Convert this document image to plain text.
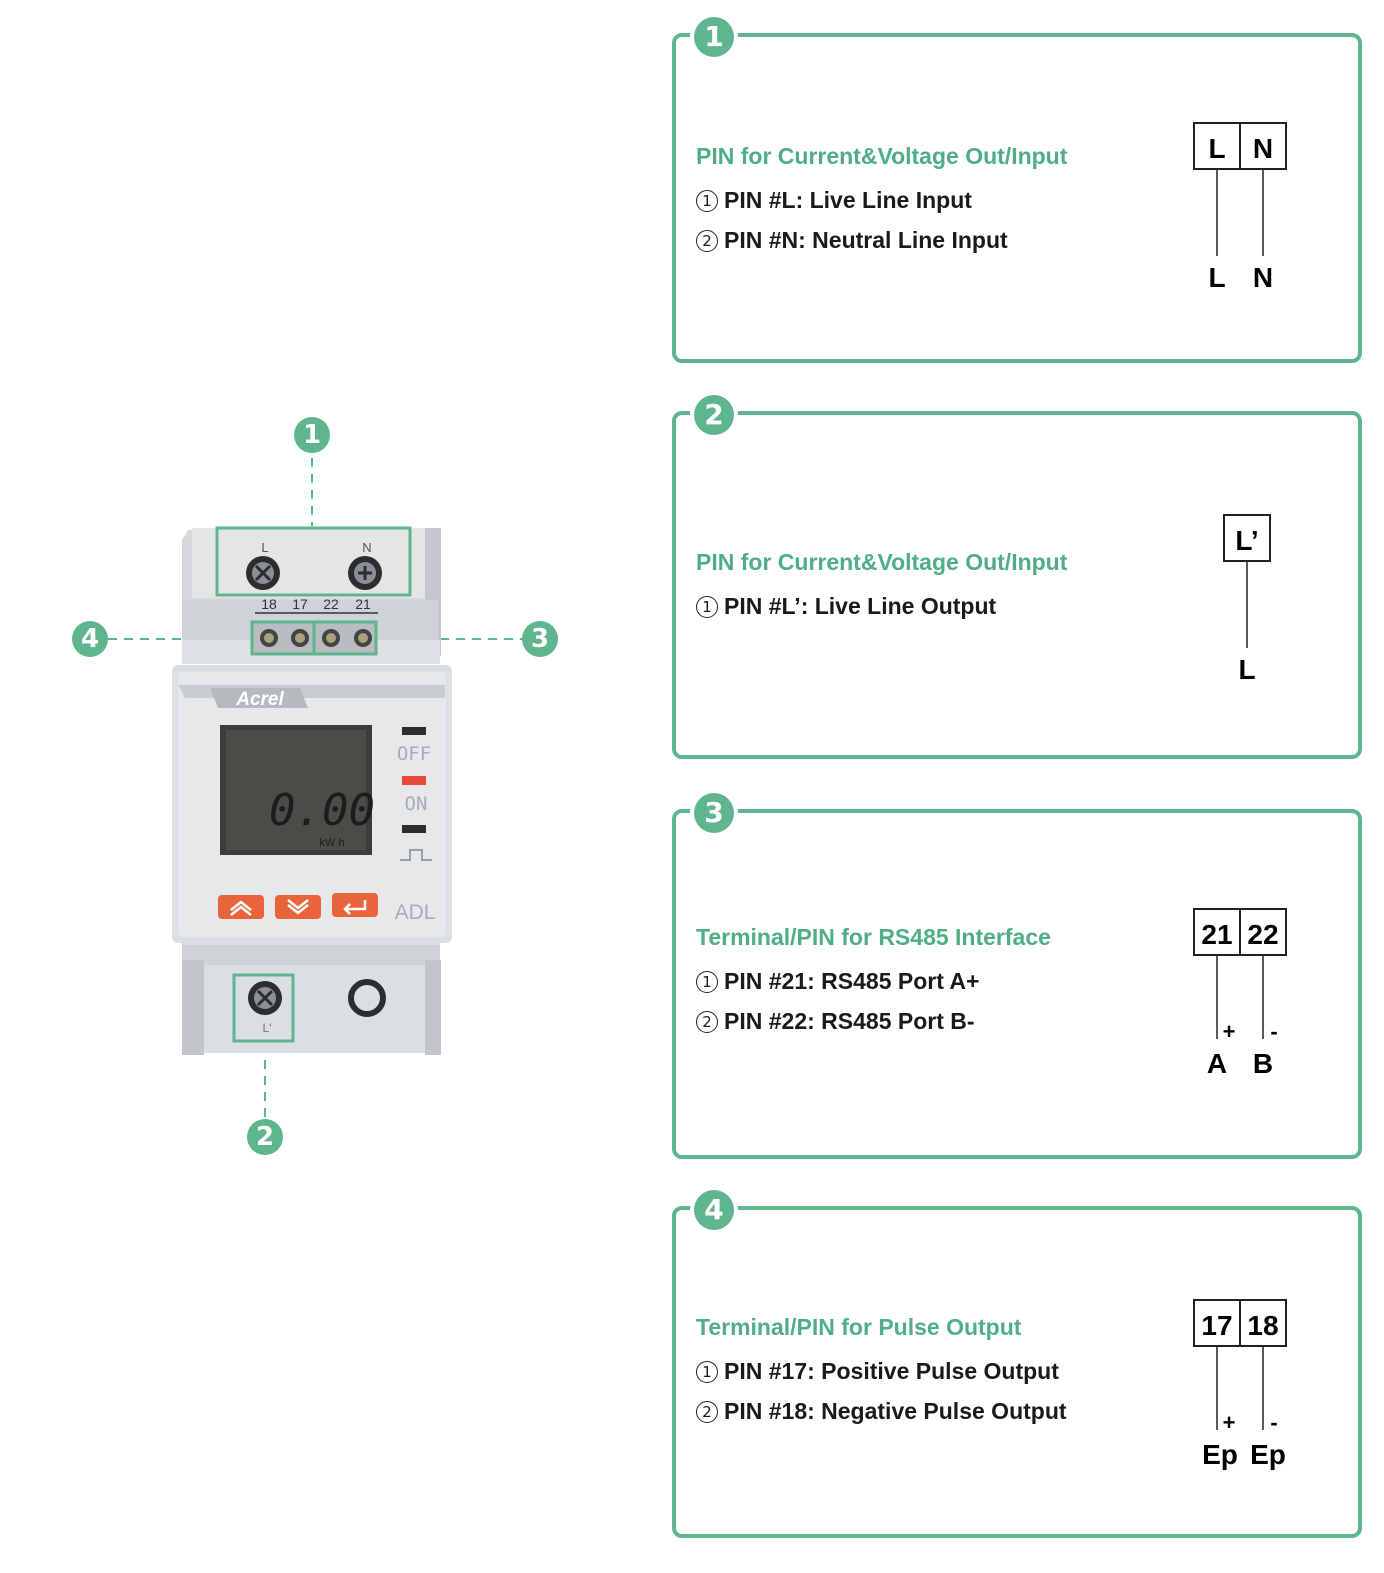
L	N
18 17 22 21
Acrel
0.00
kW h
OFF
ON
ADL
L'
1
2
3
4
1
PIN for Current&Voltage Out/Input
1 PIN #L: Live Line Input
2 PIN #N: Neutral Line Input
L N
L N
2
PIN for Current&Voltage Out/Input
1 PIN #L’: Live Line Output
L’
L
3
Terminal/PIN for RS485 Interface
1 PIN #21: RS485 Port A+
2 PIN #22: RS485 Port B-
21 22
+ -
A B
4
Terminal/PIN for Pulse Output
1 PIN #17: Positive Pulse Output
2 PIN #18: Negative Pulse Output
17 18
+ -
Ep Ep
